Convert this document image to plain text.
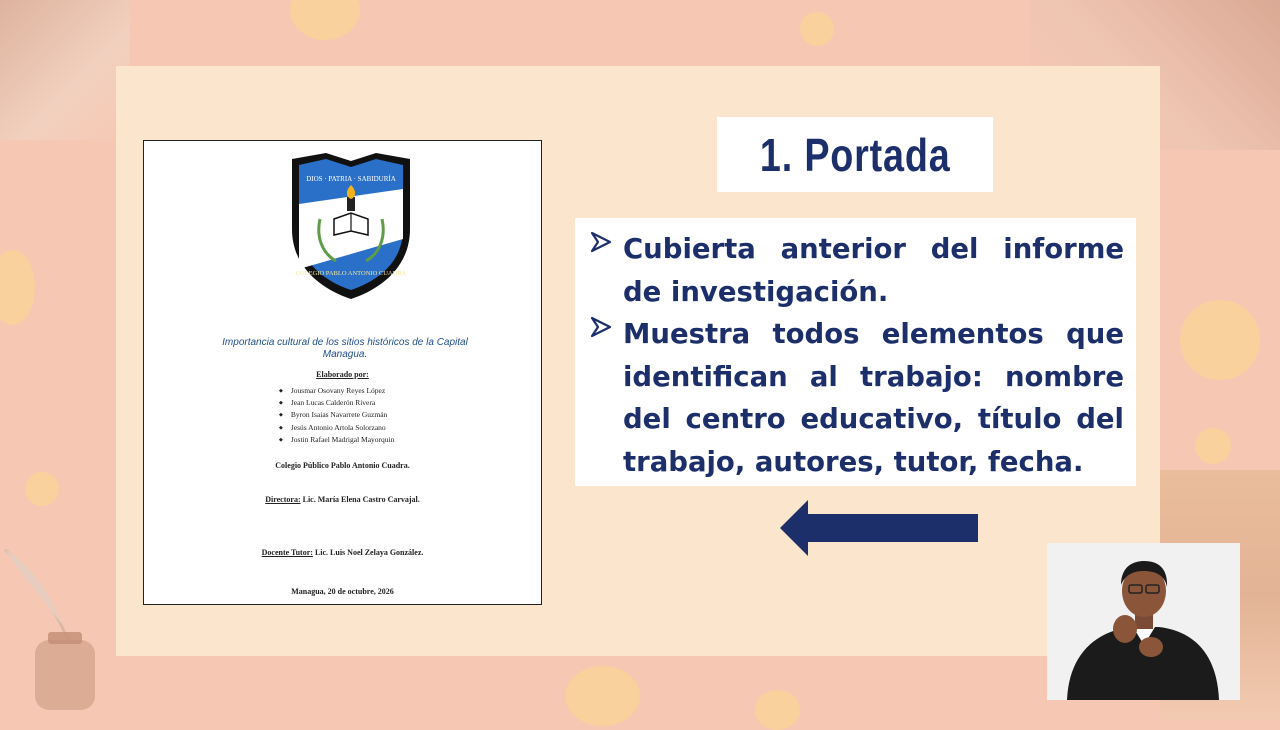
DIOS · PATRIA · SABIDURÍA
COLEGIO PABLO ANTONIO CUADRA
Importancia cultural de los sitios históricos de la Capital Managua.
Elaborado por:
◆ Jousmar Osovany Reyes López
◆ Jean Lucas Calderón Rivera
◆ Byron Isaias Navarrete Guzmán
◆ Jesús Antonio Artola Solorzano
◆ Jostin Rafael Madrigal Mayorquin
Colegio Público Pablo Antonio Cuadra.
Directora: Lic. María Elena Castro Carvajal.
Docente Tutor: Lic. Luis Noel Zelaya González.
Managua, 20 de octubre, 2026
1. Portada
Cubierta anterior del informe de investigación.
Muestra todos elementos que identifican al trabajo: nombre del centro educativo, título del trabajo, autores, tutor, fecha.
